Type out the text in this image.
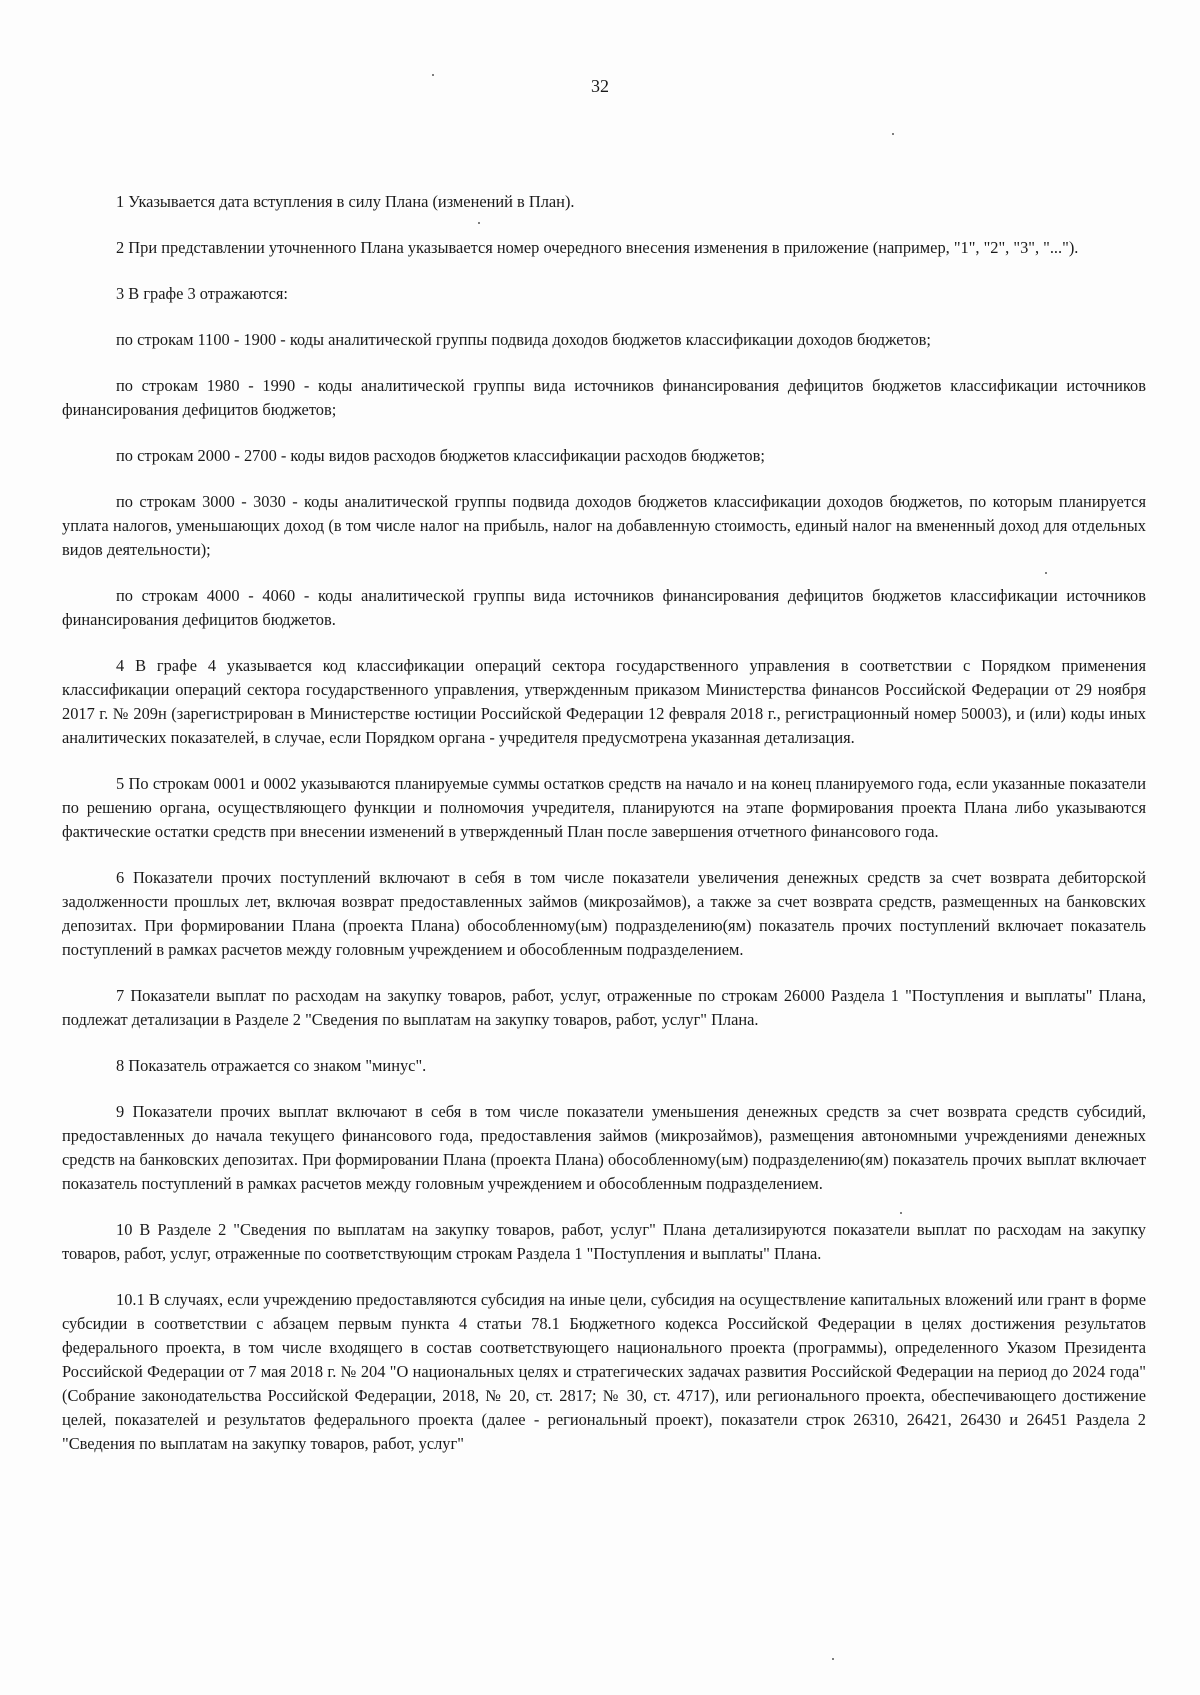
32

1 Указывается дата вступления в силу Плана (изменений в План).

2 При представлении уточненного Плана указывается номер очередного внесения изменения в приложение (например, "1", "2", "3", "...").

3 В графе 3 отражаются:

по строкам 1100 - 1900 - коды аналитической группы подвида доходов бюджетов классификации доходов бюджетов;

по строкам 1980 - 1990 - коды аналитической группы вида источников финансирования дефицитов бюджетов классификации источников финансирования дефицитов бюджетов;

по строкам 2000 - 2700 - коды видов расходов бюджетов классификации расходов бюджетов;

по строкам 3000 - 3030 - коды аналитической группы подвида доходов бюджетов классификации доходов бюджетов, по которым планируется уплата налогов, уменьшающих доход (в том числе налог на прибыль, налог на добавленную стоимость, единый налог на вмененный доход для отдельных видов деятельности);

по строкам 4000 - 4060 - коды аналитической группы вида источников финансирования дефицитов бюджетов классификации источников финансирования дефицитов бюджетов.

4 В графе 4 указывается код классификации операций сектора государственного управления в соответствии с Порядком применения классификации операций сектора государственного управления, утвержденным приказом Министерства финансов Российской Федерации от 29 ноября 2017 г. № 209н (зарегистрирован в Министерстве юстиции Российской Федерации 12 февраля 2018 г., регистрационный номер 50003), и (или) коды иных аналитических показателей, в случае, если Порядком органа - учредителя предусмотрена указанная детализация.

5 По строкам 0001 и 0002 указываются планируемые суммы остатков средств на начало и на конец планируемого года, если указанные показатели по решению органа, осуществляющего функции и полномочия учредителя, планируются на этапе формирования проекта Плана либо указываются фактические остатки средств при внесении изменений в утвержденный План после завершения отчетного финансового года.

6 Показатели прочих поступлений включают в себя в том числе показатели увеличения денежных средств за счет возврата дебиторской задолженности прошлых лет, включая возврат предоставленных займов (микрозаймов), а также за счет возврата средств, размещенных на банковских депозитах. При формировании Плана (проекта Плана) обособленному(ым) подразделению(ям) показатель прочих поступлений включает показатель поступлений в рамках расчетов между головным учреждением и обособленным подразделением.

7 Показатели выплат по расходам на закупку товаров, работ, услуг, отраженные по строкам 26000 Раздела 1 "Поступления и выплаты" Плана, подлежат детализации в Разделе 2 "Сведения по выплатам на закупку товаров, работ, услуг" Плана.

8 Показатель отражается со знаком "минус".

9 Показатели прочих выплат включают в себя в том числе показатели уменьшения денежных средств за счет возврата средств субсидий, предоставленных до начала текущего финансового года, предоставления займов (микрозаймов), размещения автономными учреждениями денежных средств на банковских депозитах. При формировании Плана (проекта Плана) обособленному(ым) подразделению(ям) показатель прочих выплат включает показатель поступлений в рамках расчетов между головным учреждением и обособленным подразделением.

10 В Разделе 2 "Сведения по выплатам на закупку товаров, работ, услуг" Плана детализируются показатели выплат по расходам на закупку товаров, работ, услуг, отраженные по соответствующим строкам Раздела 1 "Поступления и выплаты" Плана.

10.1 В случаях, если учреждению предоставляются субсидия на иные цели, субсидия на осуществление капитальных вложений или грант в форме субсидии в соответствии с абзацем первым пункта 4 статьи 78.1 Бюджетного кодекса Российской Федерации в целях достижения результатов федерального проекта, в том числе входящего в состав соответствующего национального проекта (программы), определенного Указом Президента Российской Федерации от 7 мая 2018 г. № 204 "О национальных целях и стратегических задачах развития Российской Федерации на период до 2024 года" (Собрание законодательства Российской Федерации, 2018, № 20, ст. 2817; № 30, ст. 4717), или регионального проекта, обеспечивающего достижение целей, показателей и результатов федерального проекта (далее - региональный проект), показатели строк 26310, 26421, 26430 и 26451 Раздела 2 "Сведения по выплатам на закупку товаров, работ, услуг"
